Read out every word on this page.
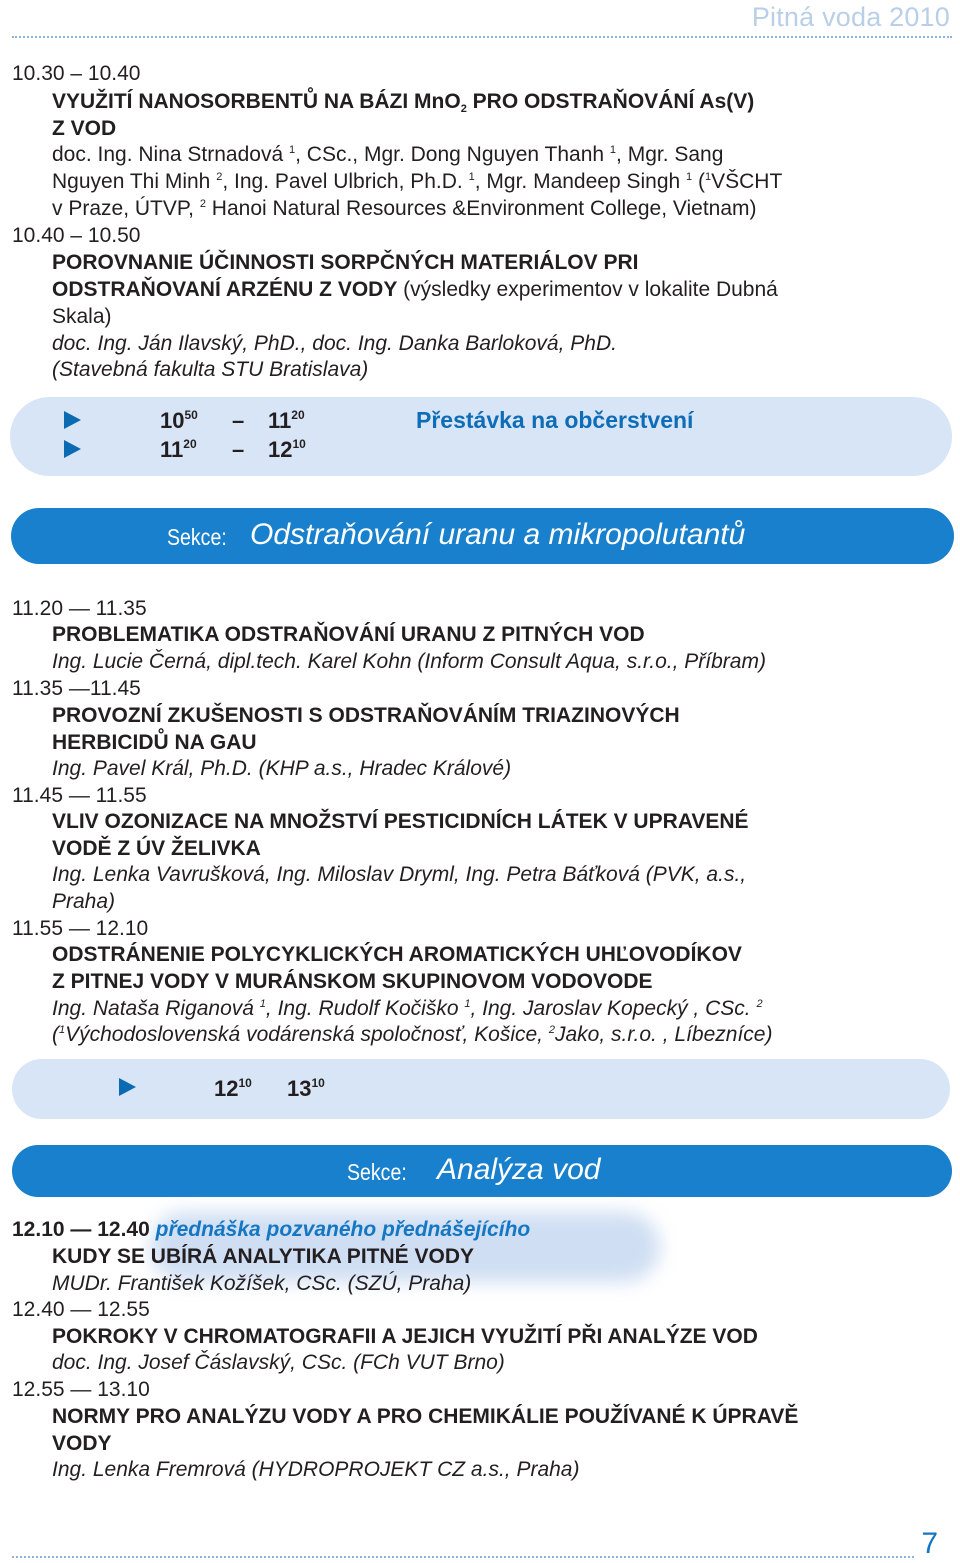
Pitná voda 2010
10.30 – 10.40
VYUŽITÍ NANOSORBENTŮ NA BÁZI MnO$_2$ PRO ODSTRAŇOVÁNÍ As(V)
Z VOD
doc. Ing. Nina Strnadová $^1$, CSc., Mgr. Dong Nguyen Thanh $^1$, Mgr. Sang
Nguyen Thi Minh $^2$, Ing. Pavel Ulbrich, Ph.D. $^1$, Mgr. Mandeep Singh $^1$ ($^1$VŠCHT
v Praze, ÚTVP, $^2$ Hanoi Natural Resources &Environment College, Vietnam)
10.40 – 10.50
POROVNANIE ÚČINNOSTI SORPČNÝCH MATERIÁLOV PRI
ODSTRAŇOVANÍ ARZÉNU Z VODY (výsledky experimentov v lokalite Dubná
Skala)
doc. Ing. Ján Ilavský, PhD., doc. Ing. Danka Barloková, PhD.
(Stavebná fakulta STU Bratislava)
$10^{50} - 11^{20}$	Přestávka na občerstvení
$11^{20} - 12^{10}$
Sekce: Odstraňování uranu a mikropolutantů
11.20 — 11.35
PROBLEMATIKA ODSTRAŇOVÁNÍ URANU Z PITNÝCH VOD
Ing. Lucie Černá, dipl.tech. Karel Kohn (Inform Consult Aqua, s.r.o., Příbram)
11.35 —11.45
PROVOZNÍ ZKUŠENOSTI S ODSTRAŇOVÁNÍM TRIAZINOVÝCH
HERBICIDŮ NA GAU
Ing. Pavel Král, Ph.D. (KHP a.s., Hradec Králové)
11.45 — 11.55
VLIV OZONIZACE NA MNOŽSTVÍ PESTICIDNÍCH LÁTEK V UPRAVENÉ
VODĚ Z ÚV ŽELIVKA
Ing. Lenka Vavrušková, Ing. Miloslav Dryml, Ing. Petra Báťková (PVK, a.s.,
Praha)
11.55 — 12.10
ODSTRÁNENIE POLYCYKLICKÝCH AROMATICKÝCH UHĽOVODÍKOV
Z PITNEJ VODY V MURÁNSKOM SKUPINOVOM VODOVODE
Ing. Nataša Riganová $^1$, Ing. Rudolf Kočiško $^1$, Ing. Jaroslav Kopecký , CSc. $^2$
($^1$Východoslovenská vodárenská spoločnosť, Košice, $^2$Jako, s.r.o. , Líbezníce)
$12^{10}$ $13^{10}$
Sekce: Analýza vod
12.10 — 12.40 přednáška pozvaného přednášejícího
KUDY SE UBÍRÁ ANALYTIKA PITNÉ VODY
MUDr. František Kožíšek, CSc. (SZÚ, Praha)
12.40 — 12.55
POKROKY V CHROMATOGRAFII A JEJICH VYUŽITÍ PŘI ANALÝZE VOD
doc. Ing. Josef Čáslavský, CSc. (FCh VUT Brno)
12.55 — 13.10
NORMY PRO ANALÝZU VODY A PRO CHEMIKÁLIE POUŽÍVANÉ K ÚPRAVĚ
VODY
Ing. Lenka Fremrová (HYDROPROJEKT CZ a.s., Praha)
7
